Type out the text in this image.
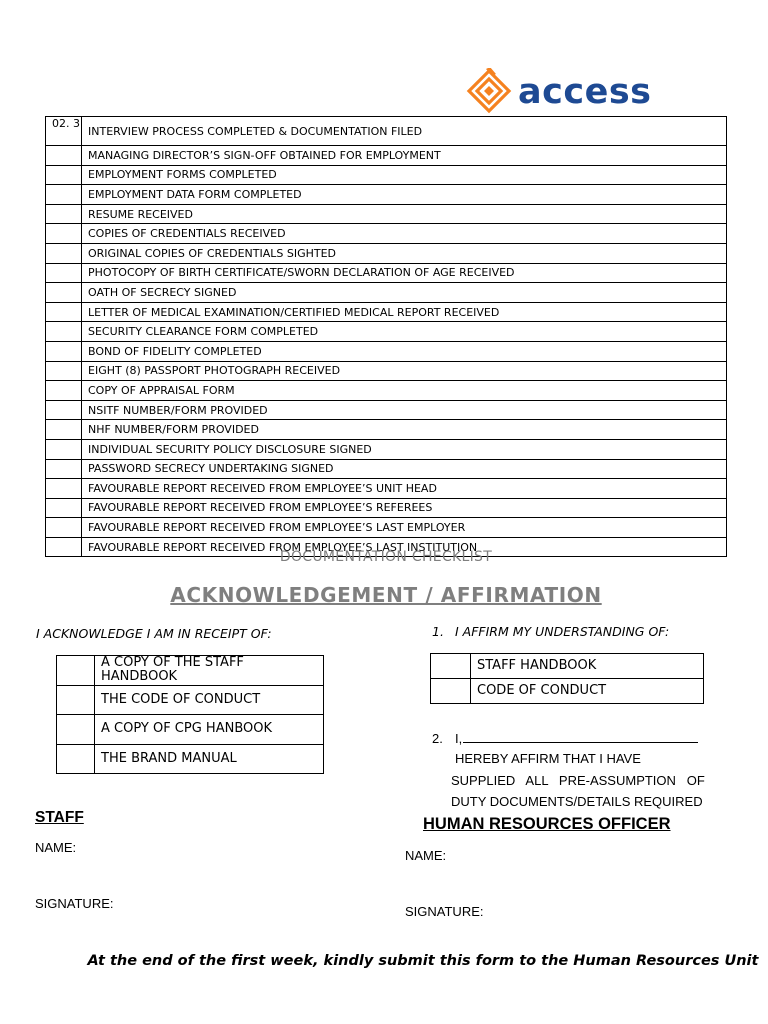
access
02. 3	INTERVIEW PROCESS COMPLETED & DOCUMENTATION FILED
	MANAGING DIRECTOR’S SIGN-OFF OBTAINED FOR EMPLOYMENT
	EMPLOYMENT FORMS COMPLETED
	EMPLOYMENT DATA FORM COMPLETED
	RESUME RECEIVED
	COPIES OF CREDENTIALS RECEIVED
	ORIGINAL COPIES OF CREDENTIALS SIGHTED
	PHOTOCOPY OF BIRTH CERTIFICATE/SWORN DECLARATION OF AGE RECEIVED
	OATH OF SECRECY SIGNED
	LETTER OF MEDICAL EXAMINATION/CERTIFIED MEDICAL REPORT RECEIVED
	SECURITY CLEARANCE FORM COMPLETED
	BOND OF FIDELITY COMPLETED
	EIGHT (8) PASSPORT PHOTOGRAPH RECEIVED
	COPY OF APPRAISAL FORM
	NSITF NUMBER/FORM PROVIDED
	NHF NUMBER/FORM PROVIDED
	INDIVIDUAL SECURITY POLICY DISCLOSURE SIGNED
	PASSWORD SECRECY UNDERTAKING SIGNED
	FAVOURABLE REPORT RECEIVED FROM EMPLOYEE’S UNIT HEAD
	FAVOURABLE REPORT RECEIVED FROM EMPLOYEE’S REFEREES
	FAVOURABLE REPORT RECEIVED FROM EMPLOYEE’S LAST EMPLOYER
	FAVOURABLE REPORT RECEIVED FROM EMPLOYEE’S LAST INSTITUTION
DOCUMENTATION CHECKLIST
ACKNOWLEDGEMENT / AFFIRMATION
I ACKNOWLEDGE I AM IN RECEIPT OF:
	A COPY OF THE STAFF HANDBOOK
	THE CODE OF CONDUCT
	A COPY OF CPG HANBOOK
	THE BRAND MANUAL
1. I AFFIRM MY UNDERSTANDING OF:
	STAFF HANDBOOK
	CODE OF CONDUCT
2. I,
HEREBY AFFIRM THAT I HAVE
SUPPLIED   ALL   PRE-ASSUMPTION   OF
DUTY DOCUMENTS/DETAILS REQUIRED
STAFF
NAME:
SIGNATURE:
HUMAN RESOURCES OFFICER
NAME:
SIGNATURE:
At the end of the first week, kindly submit this form to the Human Resources Unit
